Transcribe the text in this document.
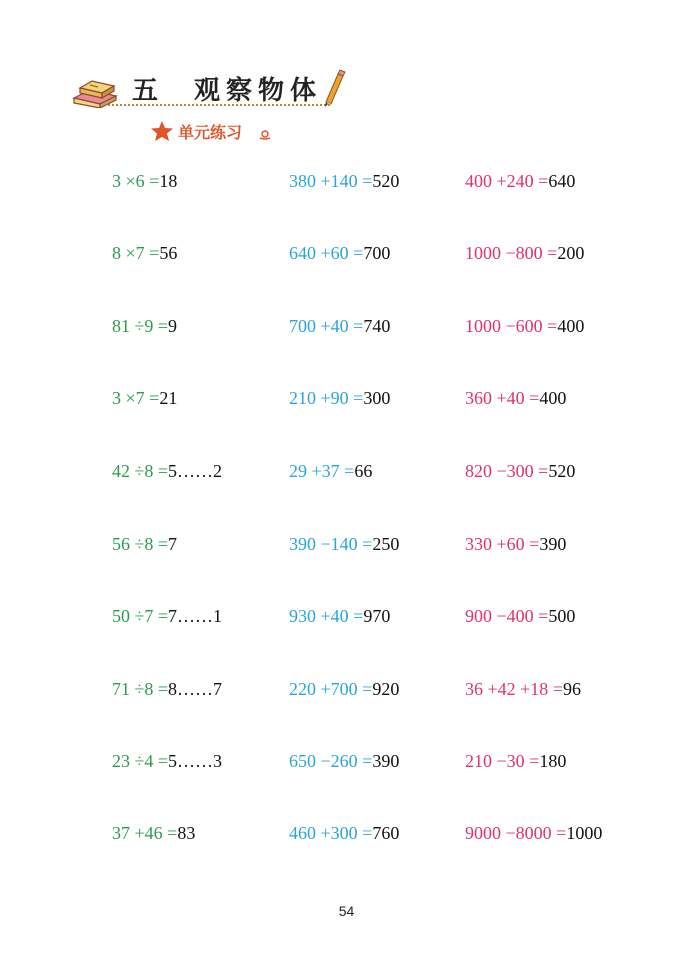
五 观察物体
单元练习
3 ×6 =18	380 +140 =520	400 +240 =640
8 ×7 =56	640 +60 =700	1000 −800 =200
81 ÷9 =9	700 +40 =740	1000 −600 =400
3 ×7 =21	210 +90 =300	360 +40 =400
42 ÷8 =5……2	29 +37 =66	820 −300 =520
56 ÷8 =7	390 −140 =250	330 +60 =390
50 ÷7 =7……1	930 +40 =970	900 −400 =500
71 ÷8 =8……7	220 +700 =920	36 +42 +18 =96
23 ÷4 =5……3	650 −260 =390	210 −30 =180
37 +46 =83	460 +300 =760	9000 −8000 =1000
54
